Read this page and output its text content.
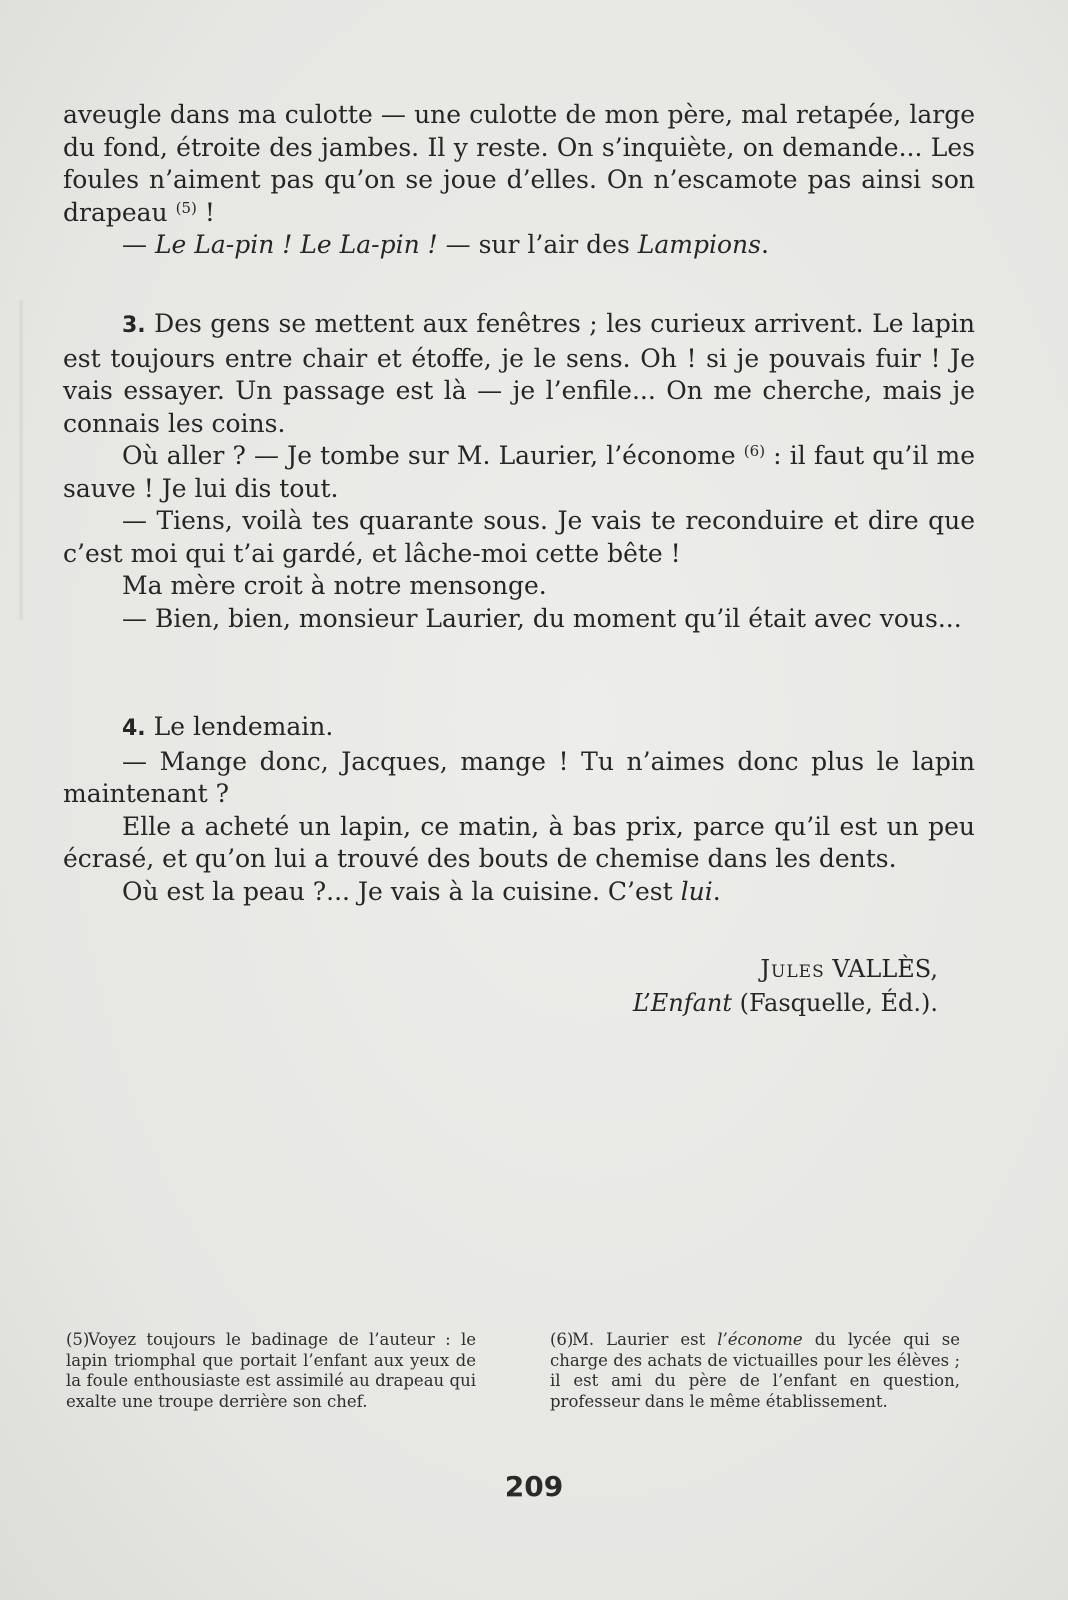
aveugle dans ma culotte — une culotte de mon père, mal retapée, large du fond, étroite des jambes. Il y reste. On s’inquiète, on demande... Les foules n’aiment pas qu’on se joue d’elles. On n’escamote pas ainsi son drapeau $^{(5)}$ !

— Le La-pin ! Le La-pin ! — sur l’air des Lampions.

3. Des gens se mettent aux fenêtres ; les curieux arrivent. Le lapin est toujours entre chair et étoffe, je le sens. Oh ! si je pouvais fuir ! Je vais essayer. Un passage est là — je l’enfile... On me cherche, mais je connais les coins.

Où aller ? — Je tombe sur M. Laurier, l’économe $^{(6)}$ : il faut qu’il me sauve ! Je lui dis tout.

— Tiens, voilà tes quarante sous. Je vais te reconduire et dire que c’est moi qui t’ai gardé, et lâche-moi cette bête !

Ma mère croit à notre mensonge.

— Bien, bien, monsieur Laurier, du moment qu’il était avec vous...

4. Le lendemain.

— Mange donc, Jacques, mange ! Tu n’aimes donc plus le lapin maintenant ?

Elle a acheté un lapin, ce matin, à bas prix, parce qu’il est un peu écrasé, et qu’on lui a trouvé des bouts de chemise dans les dents.

Où est la peau ?... Je vais à la cuisine. C’est lui.

Jules VALLÈS,
L’Enfant (Fasquelle, Éd.).
(5)Voyez toujours le badinage de l’auteur : le lapin triomphal que portait l’enfant aux yeux de la foule enthousiaste est assimilé au drapeau qui exalte une troupe derrière son chef.
(6)M. Laurier est l’économe du lycée qui se charge des achats de victuailles pour les élèves ; il est ami du père de l’enfant en question, professeur dans le même établissement.
209
